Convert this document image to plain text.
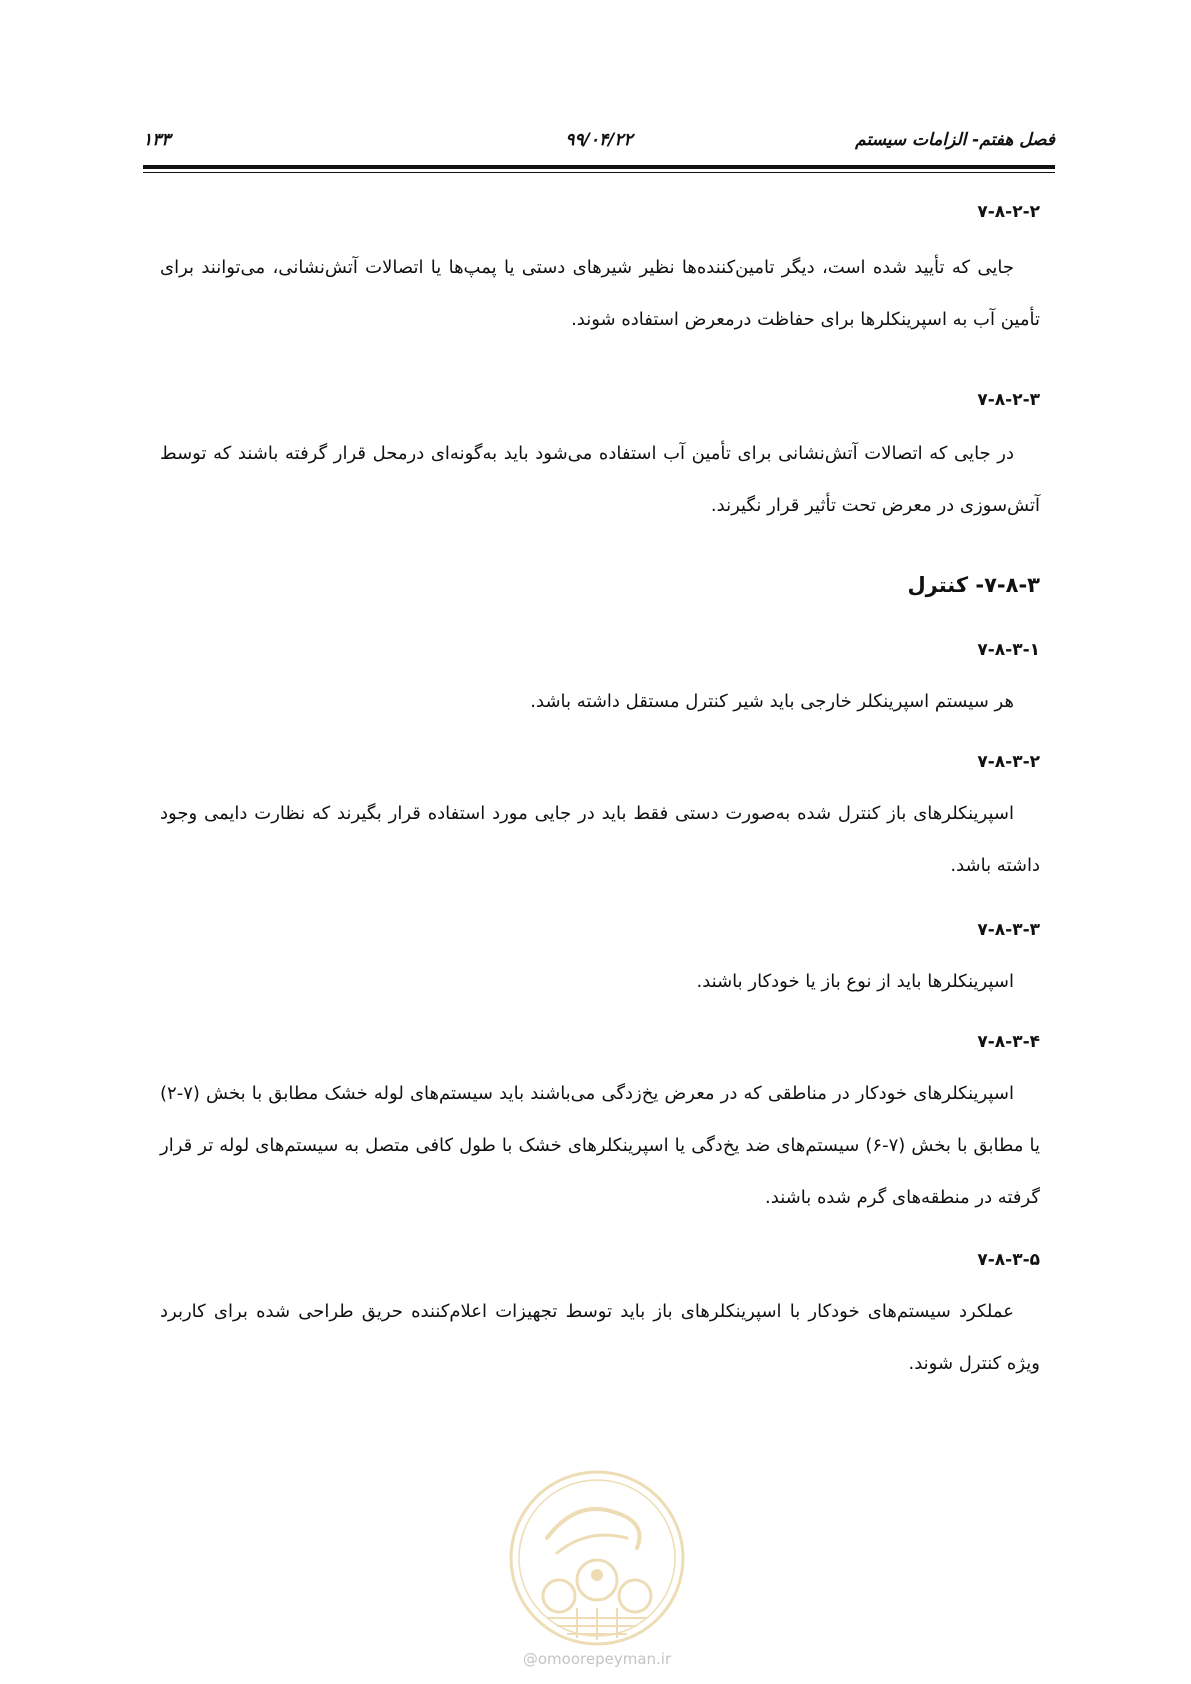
فصل هفتم- الزامات سیستم
۹۹/۰۴/۲۲
۱۳۳

۷-۸-۲-۲

جایی که تأیید شده است، دیگر تامین‌کننده‌ها نظیر شیرهای دستی یا پمپ‌ها یا اتصالات آتش‌نشانی، می‌توانند برای تأمین آب به اسپرینکلرها برای حفاظت درمعرض استفاده شوند.

۷-۸-۲-۳

در جایی که اتصالات آتش‌نشانی برای تأمین آب استفاده می‌شود باید به‌گونه‌ای درمحل قرار گرفته باشند که توسط آتش‌سوزی در معرض تحت تأثیر قرار نگیرند.

۷-۸-۳- کنترل

۷-۸-۳-۱

هر سیستم اسپرینکلر خارجی باید شیر کنترل مستقل داشته باشد.

۷-۸-۳-۲

اسپرینکلرهای باز کنترل شده به‌صورت دستی فقط باید در جایی مورد استفاده قرار بگیرند که نظارت دایمی وجود داشته باشد.

۷-۸-۳-۳

اسپرینکلرها باید از نوع باز یا خودکار باشند.

۷-۸-۳-۴

اسپرینکلرهای خودکار در مناطقی که در معرض یخ‌زدگی می‌باشند باید سیستم‌های لوله خشک مطابق با بخش (۷-۲) یا مطابق با بخش (۷-۶) سیستم‌های ضد یخ‌دگی یا اسپرینکلرهای خشک با طول کافی متصل به سیستم‌های لوله تر قرار گرفته در منطقه‌های گرم شده باشند.

۷-۸-۳-۵

عملکرد سیستم‌های خودکار با اسپرینکلرهای باز باید توسط تجهیزات اعلام‌کننده حریق طراحی شده برای کاربرد ویژه کنترل شوند.

@omoorepeyman.ir
